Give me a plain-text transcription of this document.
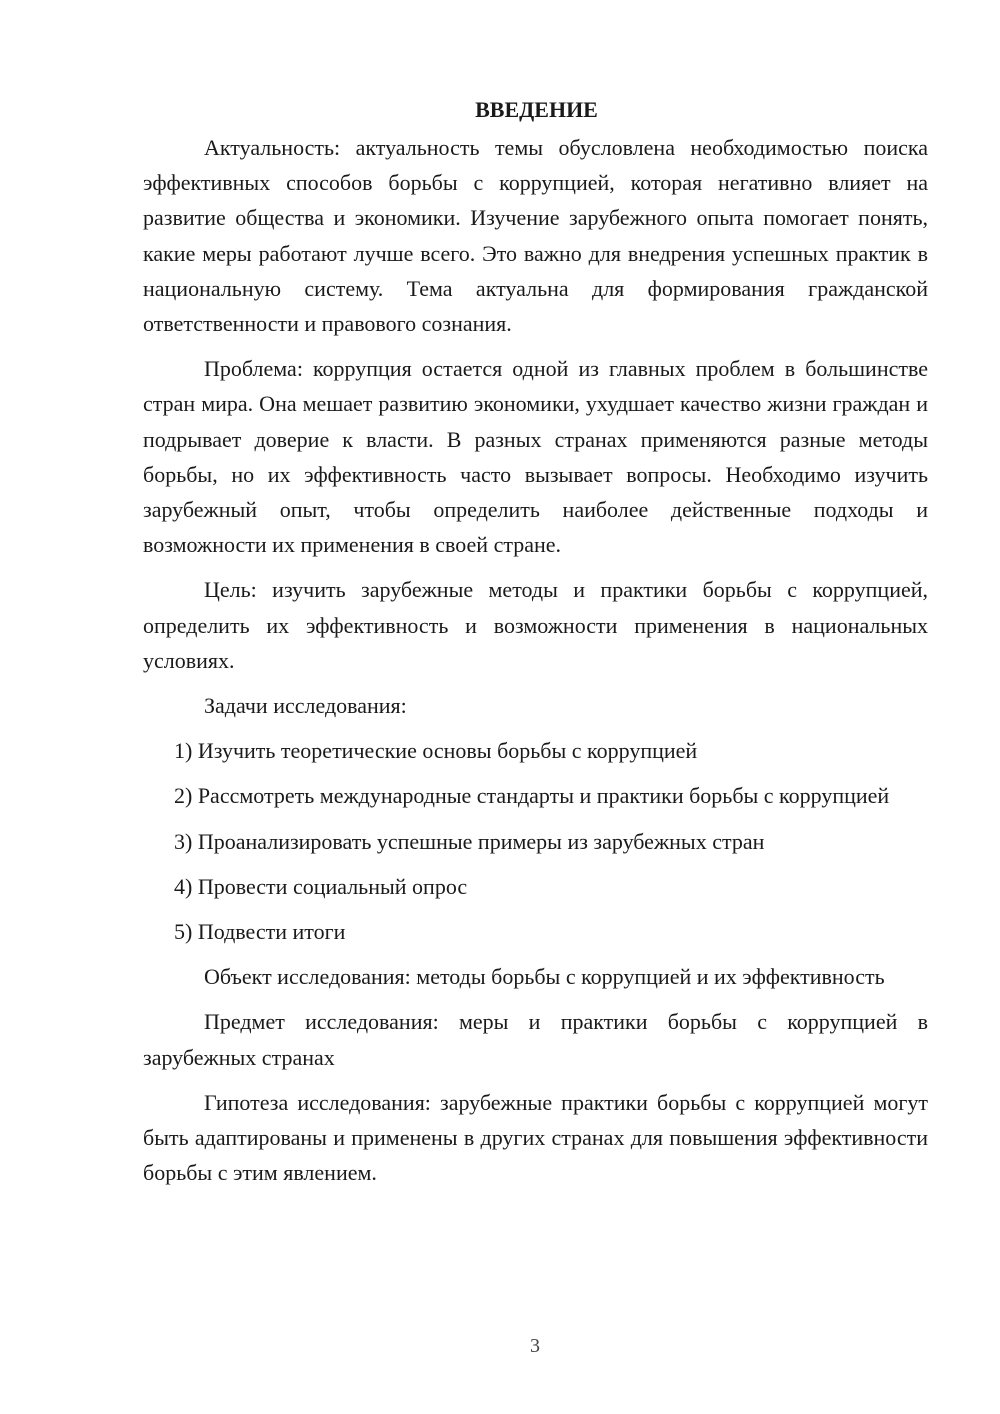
ВВЕДЕНИЕ

Актуальность: актуальность темы обусловлена необходимостью поиска эффективных способов борьбы с коррупцией, которая негативно влияет на развитие общества и экономики. Изучение зарубежного опыта помогает понять, какие меры работают лучше всего. Это важно для внедрения успешных практик в национальную систему. Тема актуальна для формирования гражданской ответственности и правового сознания.

Проблема: коррупция остается одной из главных проблем в большинстве стран мира. Она мешает развитию экономики, ухудшает качество жизни граждан и подрывает доверие к власти. В разных странах применяются разные методы борьбы, но их эффективность часто вызывает вопросы. Необходимо изучить зарубежный опыт, чтобы определить наиболее действенные подходы и возможности их применения в своей стране.

Цель: изучить зарубежные методы и практики борьбы с коррупцией, определить их эффективность и возможности применения в национальных условиях.

Задачи исследования:

1) Изучить теоретические основы борьбы с коррупцией

2) Рассмотреть международные стандарты и практики борьбы с коррупцией

3) Проанализировать успешные примеры из зарубежных стран

4) Провести социальный опрос

5) Подвести итоги

Объект исследования: методы борьбы с коррупцией и их эффективность

Предмет исследования: меры и практики борьбы с коррупцией в зарубежных странах

Гипотеза исследования: зарубежные практики борьбы с коррупцией могут быть адаптированы и применены в других странах для повышения эффективности борьбы с этим явлением.

3
